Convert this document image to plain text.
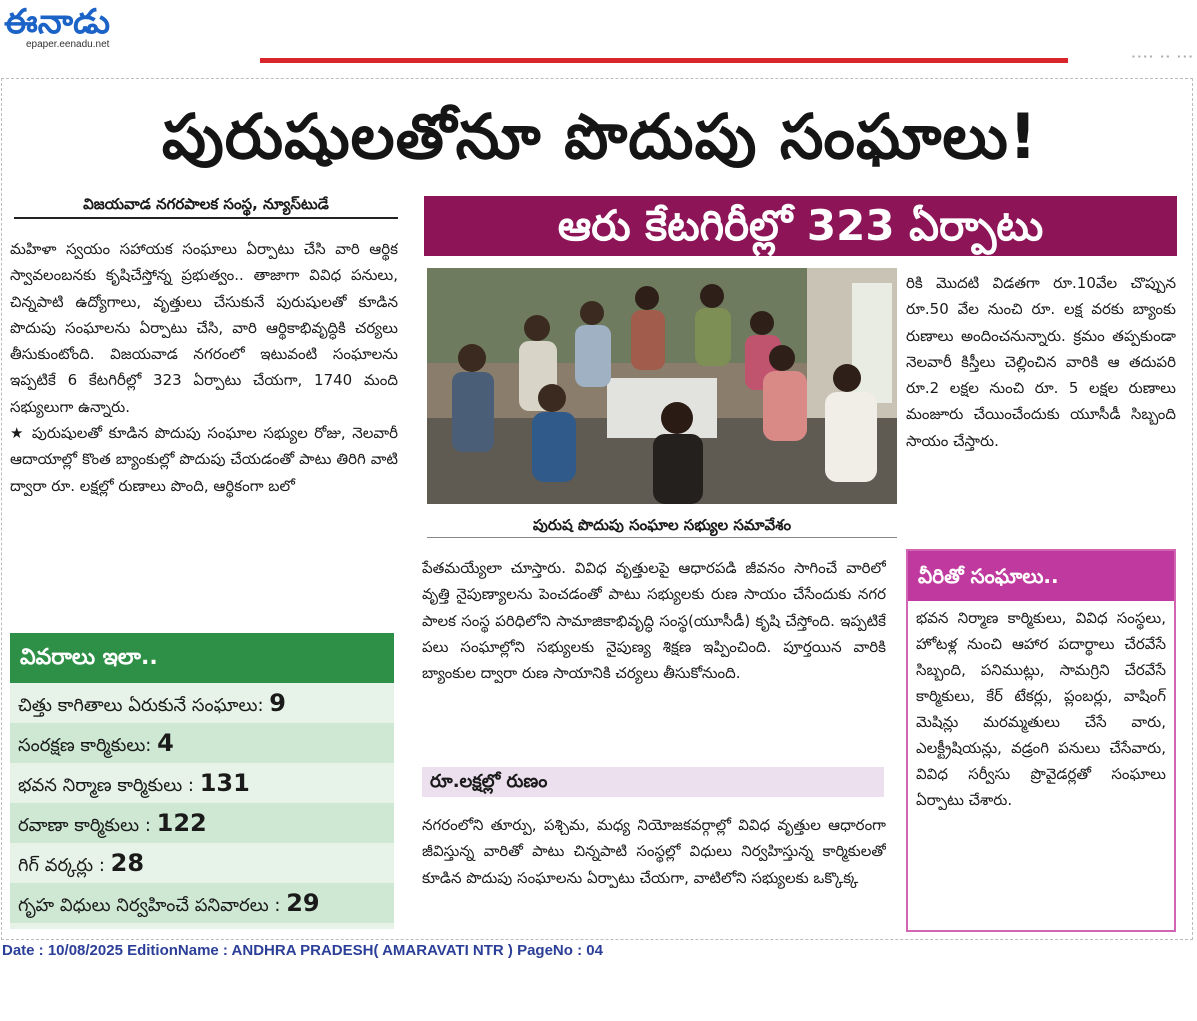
ఈనాడు
epaper.eenadu.net
▪▪▪▪ ▪▪ ▪▪▪
పురుషులతోనూ పొదుపు సంఘాలు!
విజయవాడ నగరపాలక సంస్థ, న్యూస్‌టుడే

మహిళా స్వయం సహాయక సంఘాలు ఏర్పాటు చేసి వారి ఆర్థిక స్వావలంబనకు కృషిచేస్తోన్న ప్రభుత్వం.. తాజాగా వివిధ పనులు, చిన్నపాటి ఉద్యోగాలు, వృత్తులు చేసుకునే పురుషులతో కూడిన పొదుపు సంఘాలను ఏర్పాటు చేసి, వారి ఆర్థికాభివృద్ధికి చర్యలు తీసుకుంటోంది. విజయవాడ నగరంలో ఇటువంటి సంఘాలను ఇప్పటికే 6 కేటగిరీల్లో 323 ఏర్పాటు చేయగా, 1740 మంది సభ్యులుగా ఉన్నారు.

★ పురుషులతో కూడిన పొదుపు సంఘాల సభ్యుల రోజు, నెలవారీ ఆదాయాల్లో కొంత బ్యాంకుల్లో పొదుపు చేయడంతో పాటు తిరిగి వాటి ద్వారా రూ. లక్షల్లో రుణాలు పొంది, ఆర్థికంగా బలో

ఆరు కేటగిరీల్లో 323 ఏర్పాటు
పురుష పొదుపు సంఘాల సభ్యుల సమావేశం

పేతమయ్యేలా చూస్తారు. వివిధ వృత్తులపై ఆధారపడి జీవనం సాగించే వారిలో వృత్తి నైపుణ్యాలను పెంచడంతో పాటు సభ్యులకు రుణ సాయం చేసేందుకు నగర పాలక సంస్థ పరిధిలోని సామాజికాభివృద్ధి సంస్థ(యూసీడీ) కృషి చేస్తోంది. ఇప్పటికే పలు సంఘాల్లోని సభ్యులకు నైపుణ్య శిక్షణ ఇప్పించింది. పూర్తయిన వారికి బ్యాంకుల ద్వారా రుణ సాయానికి చర్యలు తీసుకోనుంది.

రూ.లక్షల్లో రుణం

నగరంలోని తూర్పు, పశ్చిమ, మధ్య నియోజకవర్గాల్లో వివిధ వృత్తుల ఆధారంగా జీవిస్తున్న వారితో పాటు చిన్నపాటి సంస్థల్లో విధులు నిర్వహిస్తున్న కార్మికులతో కూడిన పొదుపు సంఘాలను ఏర్పాటు చేయగా, వాటిలోని సభ్యులకు ఒక్కొక్క

రికి మొదటి విడతగా రూ.10వేల చొప్పున రూ.50 వేల నుంచి రూ. లక్ష వరకు బ్యాంకు రుణాలు అందించనున్నారు. క్రమం తప్పకుండా నెలవారీ కిస్తీలు చెల్లించిన వారికి ఆ తదుపరి రూ.2 లక్షల నుంచి రూ. 5 లక్షల రుణాలు మంజూరు చేయించేందుకు యూసీడీ సిబ్బంది సాయం చేస్తారు.

వివరాలు ఇలా..
చిత్తు కాగితాలు ఏరుకునే సంఘాలు: 9
సంరక్షణ కార్మికులు: 4
భవన నిర్మాణ కార్మికులు : 131
రవాణా కార్మికులు : 122
గిగ్ వర్కర్లు : 28
గృహ విధులు నిర్వహించే పనివారలు : 29
వీరితో సంఘాలు..
భవన నిర్మాణ కార్మికులు, వివిధ సంస్థలు, హోటళ్ల నుంచి ఆహార పదార్థాలు చేరవేసే సిబ్బంది, పనిముట్లు, సామగ్రిని చేరవేసే కార్మికులు, కేర్ టేకర్లు, ప్లంబర్లు, వాషింగ్ మెషిన్లు మరమ్మతులు చేసే వారు, ఎలక్ట్రీషియన్లు, వడ్రంగి పనులు చేసేవారు, వివిధ సర్వీసు ప్రొవైడర్లతో సంఘాలు ఏర్పాటు చేశారు.
Date : 10/08/2025 EditionName : ANDHRA PRADESH( AMARAVATI NTR ) PageNo : 04
